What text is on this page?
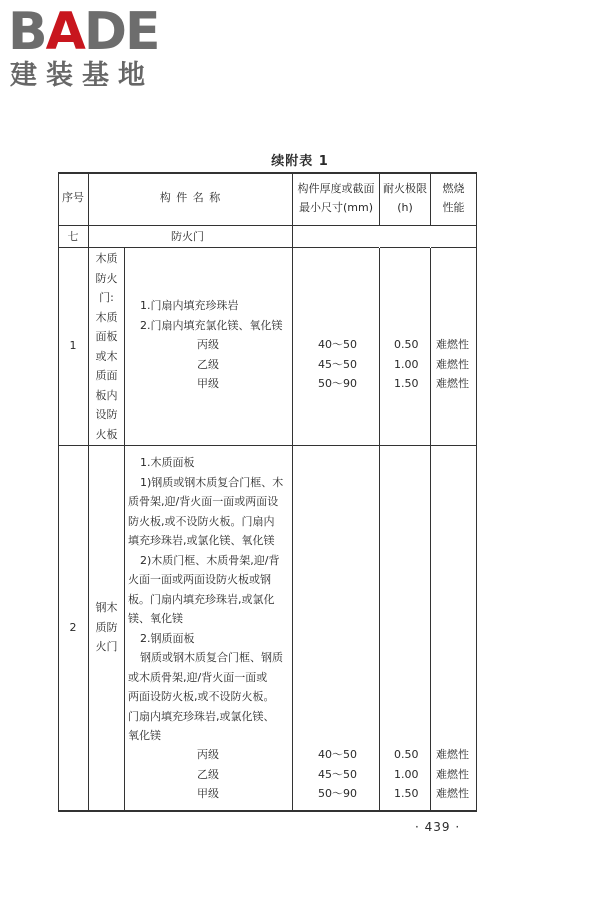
BADE
建装基地
续附表 1
序号	构 件 名 称
构件厚度或截面
最小尺寸(mm)
耐火极限
(h)
燃烧
性能
七	防火门
1
木质
防火
门:
木质
面板
或木
质面
板内
设防
火板
1.门扇内填充珍珠岩
2.门扇内填充氯化镁、氧化镁
丙级
乙级
甲级
40～50
45～50
50～90
0.50
1.00
1.50
难燃性
难燃性
难燃性
2
钢木
质防
火门
1.木质面板
1)钢质或钢木质复合门框、木
质骨架,迎/背火面一面或两面设
防火板,或不设防火板。门扇内
填充珍珠岩,或氯化镁、氧化镁
2)木质门框、木质骨架,迎/背
火面一面或两面设防火板或钢
板。门扇内填充珍珠岩,或氯化
镁、氧化镁
2.钢质面板
钢质或钢木质复合门框、钢质
或木质骨架,迎/背火面一面或
两面设防火板,或不设防火板。
门扇内填充珍珠岩,或氯化镁、
氧化镁
丙级
乙级
甲级
40～50
45～50
50～90
0.50
1.00
1.50
难燃性
难燃性
难燃性
· 439 ·
